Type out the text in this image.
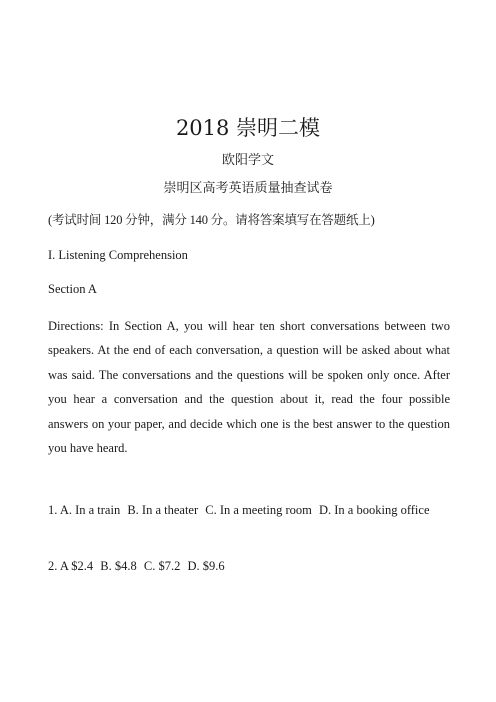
2018 崇明二模
欧阳学文
崇明区高考英语质量抽查试卷
(考试时间 120 分钟，满分 140 分。请将答案填写在答题纸上)
I. Listening Comprehension
Section A
Directions: In Section A, you will hear ten short conversations between two speakers. At the end of each conversation, a question will be asked about what was said. The conversations and the questions will be spoken only once. After you hear a conversation and the question about it, read the four possible answers on your paper, and decide which one is the best answer to the question you have heard.
1. A. In a train B. In a theater C. In a meeting room D. In a booking office
2. A $2.4 B. $4.8 C. $7.2 D. $9.6
